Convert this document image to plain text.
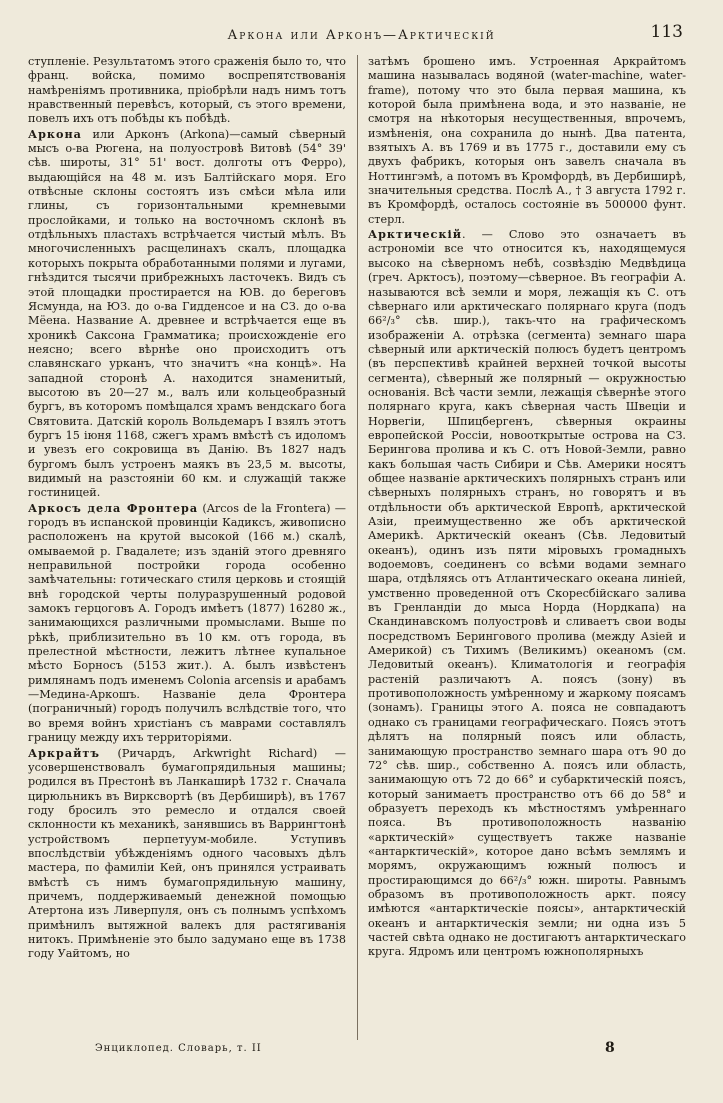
Аркона или Арконъ—Арктическій	113

ступленіе. Результатомъ этого сраженія было то, что франц. войска, помимо воспрепятствованія намѣреніямъ противника, пріобрѣли надъ нимъ тотъ нравственный перевѣсъ, который, съ этого времени, повелъ ихъ отъ побѣды къ побѣдѣ.

Аркона или Арконъ (Arkona)—самый сѣверный мысъ о-ва Рюгена, на полуостровѣ Витовѣ (54° 39' сѣв. широты, 31° 51' вост. долготы отъ Ферро), выдающійся на 48 м. изъ Балтійскаго моря. Его отвѣсные склоны состоятъ изъ смѣси мѣла или глины, съ горизонтальными кремневыми прослойками, и только на восточномъ склонѣ въ отдѣльныхъ пластахъ встрѣчается чистый мѣлъ. Въ многочисленныхъ расщелинахъ скалъ, площадка которыхъ покрыта обработанными полями и лугами, гнѣздится тысячи прибрежныхъ ласточекъ. Видъ съ этой площадки простирается на ЮВ. до береговъ Ясмунда, на ЮЗ. до о-ва Гидденсое и на СЗ. до о-ва Мёена. Название А. древнее и встрѣчается еще въ хроникѣ Саксона Грамматика; происхожденіе его неясно; всего вѣрнѣе оно происходитъ отъ славянскаго урканъ, что значитъ «на концѣ». На западной сторонѣ А. находится знаменитый, высотою въ 20—27 м., валъ или кольцеобразный бургъ, въ которомъ помѣщался храмъ вендскаго бога Святовита. Датскій король Вольдемаръ I взялъ этотъ бургъ 15 іюня 1168, сжегъ храмъ вмѣстѣ съ идоломъ и увезъ его сокровища въ Данію. Въ 1827 надъ бургомъ былъ устроенъ маякъ въ 23,5 м. высоты, видимый на разстояніи 60 км. и служащій также гостиницей.

Аркосъ дела Фронтера (Arcos de la Frontera) — городъ въ испанской провинціи Кадиксъ, живописно расположенъ на крутой высокой (166 м.) скалѣ, омываемой р. Гвадалете; изъ зданій этого древняго неправильной постройки города особенно замѣчательны: готическаго стиля церковь и стоящій внѣ городской черты полуразрушенный родовой замокъ герцоговъ А. Городъ имѣетъ (1877) 16280 ж., занимающихся различными промыслами. Выше по рѣкѣ, приблизительно въ 10 км. отъ города, въ прелестной мѣстности, лежитъ лѣтнее купальное мѣсто Борносъ (5153 жит.). А. былъ извѣстенъ римлянамъ подъ именемъ Colonia arcensis и арабамъ—Медина-Аркошъ. Названіе дела Фронтера (пограничный) городъ получилъ вслѣдствіе того, что во время войнъ христіанъ съ маврами составлялъ границу между ихъ территоріями.

Аркрайтъ (Ричардъ, Arkwright Richard) — усовершенствовалъ бумагопрядильныя машины; родился въ Престонѣ въ Ланкаширѣ 1732 г. Сначала цирюльникъ въ Вирксвортѣ (въ Дербиширѣ), въ 1767 году бросилъ это ремесло и отдался своей склонности къ механикѣ, занявшись въ Варрингтонѣ устройствомъ перпетуум-мобиле. Уступивъ впослѣдствіи убѣжденіямъ одного часовыхъ дѣлъ мастера, по фамиліи Кей, онъ принялся устраивать вмѣстѣ съ нимъ бумагопрядильную машину, причемъ, поддерживаемый денежной помощью Атертона изъ Ливерпуля, онъ съ полнымъ успѣхомъ примѣнилъ вытяжной валекъ для растягиванія нитокъ. Примѣненіе это было задумано еще въ 1738 году Уайтомъ, но

затѣмъ брошено имъ. Устроенная Аркрайтомъ машина называлась водяной (water-machine, water-frame), потому что это была первая машина, къ которой была примѣнена вода, и это названіе, не смотря на нѣкоторыя несущественныя, впрочемъ, измѣненія, она сохранила до нынѣ. Два патента, взятыхъ А. въ 1769 и въ 1775 г., доставили ему съ двухъ фабрикъ, которыя онъ завелъ сначала въ Ноттингэмѣ, а потомъ въ Кромфордѣ, въ Дербиширѣ, значительныя средства. Послѣ А., † 3 августа 1792 г. въ Кромфордѣ, осталось состояніе въ 500000 фунт. стерл.

Арктическій. — Слово это означаетъ въ астрономіи все что относится къ, находящемуся высоко на сѣверномъ небѣ, созвѣздію Медвѣдица (греч. Арктосъ), поэтому—сѣверное. Въ географіи А. называются всѣ земли и моря, лежащія къ С. отъ сѣвернаго или арктическаго полярнаго круга (подъ 66²/₃° сѣв. шир.), такъ-что на графическомъ изображеніи А. отрѣзка (сегмента) земнаго шара сѣверный или арктическій полюсъ будетъ центромъ (въ перспективѣ крайней верхней точкой высоты сегмента), сѣверный же полярный — окружностью основанія. Всѣ части земли, лежащія сѣвернѣе этого полярнаго круга, какъ сѣверная часть Швеціи и Норвегіи, Шпицбергенъ, сѣверныя окраины европейской Россіи, новооткрытые острова на СЗ. Берингова пролива и къ С. отъ Новой-Земли, равно какъ большая часть Сибири и Сѣв. Америки носятъ общее названіе арктическихъ полярныхъ странъ или сѣверныхъ полярныхъ странъ, но говорятъ и въ отдѣльности объ арктической Европѣ, арктической Азіи, преимущественно же объ арктической Америкѣ. Арктическій океанъ (Сѣв. Ледовитый океанъ), одинъ изъ пяти міровыхъ громадныхъ водоемовъ, соединенъ со всѣми водами земнаго шара, отдѣляясь отъ Атлантическаго океана линіей, умственно проведенной отъ Скоресбійскаго залива въ Гренландіи до мыса Норда (Нордкапа) на Скандинавскомъ полуостровѣ и сливаетъ свои воды посредствомъ Берингового пролива (между Азіей и Америкой) съ Тихимъ (Великимъ) океаномъ (см. Ледовитый океанъ). Климатологія и географія растеній различаютъ А. поясъ (зону) въ противоположность умѣренному и жаркому поясамъ (зонамъ). Границы этого А. пояса не совпадаютъ однако съ границами географическаго. Поясъ этотъ дѣлятъ на полярный поясъ или область, занимающую пространство земнаго шара отъ 90 до 72° сѣв. шир., собственно А. поясъ или область, занимающую отъ 72 до 66° и субарктическій поясъ, который занимаетъ пространство отъ 66 до 58° и образуетъ переходъ къ мѣстностямъ умѣреннаго пояса. Въ противоположность названію «арктическій» существуетъ также названіе «антарктическій», которое дано всѣмъ землямъ и морямъ, окружающимъ южный полюсъ и простирающимся до 66²/₃° южн. широты. Равнымъ образомъ въ противоположность аркт. поясу имѣются «антарктическіе поясы», антарктическій океанъ и антарктическія земли; ни одна изъ 5 частей свѣта однако не достигаютъ антарктическаго круга. Ядромъ или центромъ южнополярныхъ

Энциклопед. Словарь, т. II	8
